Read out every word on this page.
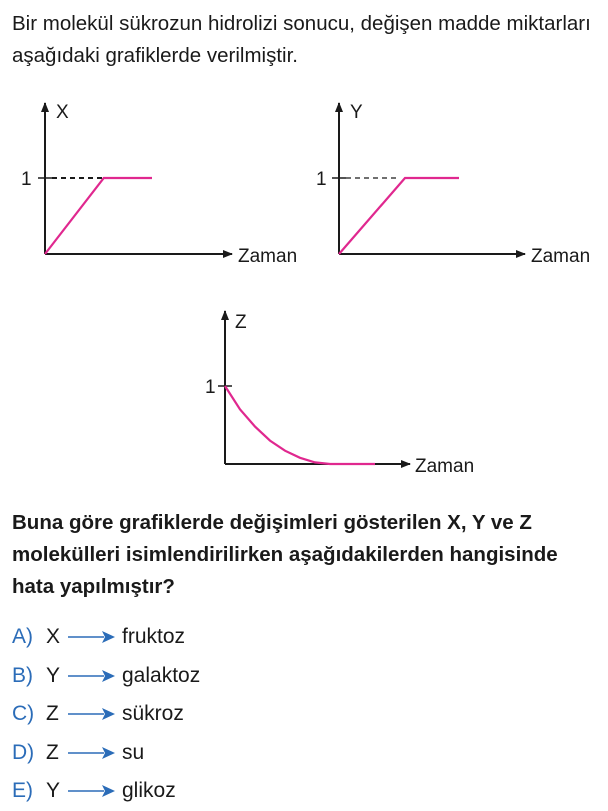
Bir molekül sükrozun hidrolizi sonucu, değişen madde miktarları aşağıdaki grafiklerde verilmiştir.

X
Zaman
1
Y
Zaman
1
Z
Zaman
1

Buna göre grafiklerde değişimleri gösterilen X, Y ve Z molekülleri isimlendirilirken aşağıdakilerden hangisinde hata yapılmıştır?

A) X	fruktoz
B) Y	galaktoz
C) Z	sükroz
D) Z	su
E) Y	glikoz
